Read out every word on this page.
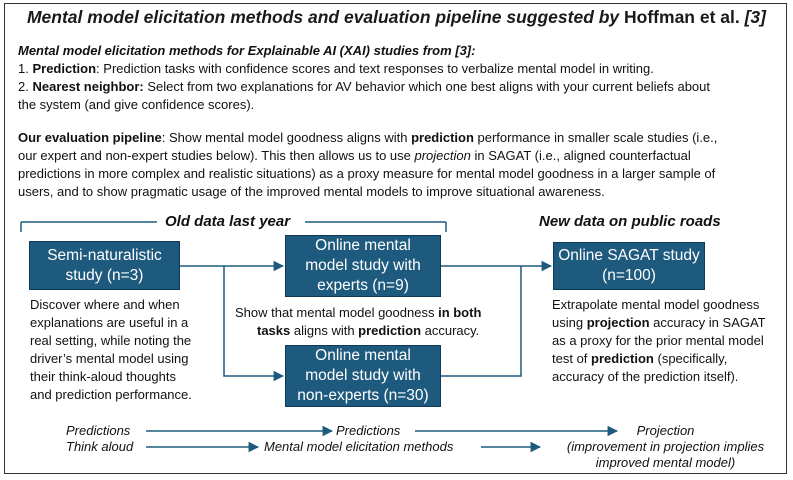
Mental model elicitation methods and evaluation pipeline suggested by Hoffman et al. [3]
Mental model elicitation methods for Explainable AI (XAI) studies from [3]:
1. Prediction: Prediction tasks with confidence scores and text responses to verbalize mental model in writing.
2. Nearest neighbor: Select from two explanations for AV behavior which one best aligns with your current beliefs about
the system (and give confidence scores).
Our evaluation pipeline: Show mental model goodness aligns with prediction performance in smaller scale studies (i.e.,
our expert and non-expert studies below). This then allows us to use projection in SAGAT (i.e., aligned counterfactual
predictions in more complex and realistic situations) as a proxy measure for mental model goodness in a larger sample of
users, and to show pragmatic usage of the improved mental models to improve situational awareness.
Old data last year	New data on public roads
Semi-naturalistic
study (n=3)
Online mental
model study with
experts (n=9)
Online mental
model study with
non-experts (n=30)
Online SAGAT study
(n=100)
Discover where and when
explanations are useful in a
real setting, while noting the
driver’s mental model using
their think-aloud thoughts
and prediction performance.
Show that mental model goodness in both
tasks aligns with prediction accuracy.
Extrapolate mental model goodness
using projection accuracy in SAGAT
as a proxy for the prior mental model
test of prediction (specifically,
accuracy of the prediction itself).
Predictions
Think aloud
Predictions
Mental model elicitation methods
Projection
(improvement in projection implies
improved mental model)
